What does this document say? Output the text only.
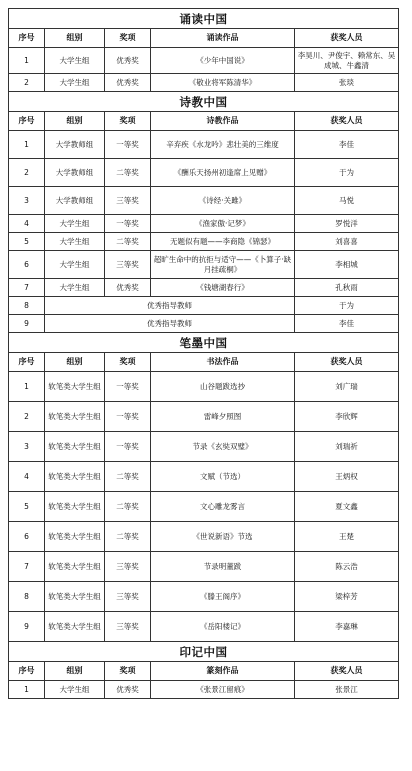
诵读中国				
序号	组别	奖项	诵读作品	获奖人员
1	大学生组	优秀奖	《少年中国说》	李昊川、尹俊宇、赖常东、吴成城、牛鑫清
2	大学生组	优秀奖	《敬业将军陈清华》	张琰
诗教中国				
序号	组别	奖项	诗教作品	获奖人员
1	大学教师组	一等奖	辛弃疾《水龙吟》悲壮美的三维度	李佳
2	大学教师组	二等奖	《酬乐天扬州初逢席上见赠》	于为
3	大学教师组	三等奖	《诗经·关雎》	马悦
4	大学生组	一等奖	《渔家傲·记梦》	罗悦洋
5	大学生组	二等奖	无题似有题——李商隐《锦瑟》	刘喜喜
6	大学生组	三等奖	超旷生命中的抗拒与适守——《卜算子·缺月挂疏桐》	李相城
7	大学生组	优秀奖	《钱塘湖春行》	孔秋雨
8	优秀指导教师			于为
9	优秀指导教师			李佳
笔墨中国				
序号	组别	奖项	书法作品	获奖人员
1	软笔类大学生组	一等奖	山谷题跋选抄	刘广瑞
2	软笔类大学生组	一等奖	雷峰夕照图	李欣辉
3	软笔类大学生组	一等奖	节录《玄奘双璧》	刘瑞祈
4	软笔类大学生组	二等奖	文赋（节选）	王炳权
5	软笔类大学生组	二等奖	文心雕龙雾言	夏文鑫
6	软笔类大学生组	二等奖	《世说新语》节选	王楚
7	软笔类大学生组	三等奖	节录明董跋	陈云浩
8	软笔类大学生组	三等奖	《滕王阁序》	梁梓芳
9	软笔类大学生组	三等奖	《岳阳楼记》	李嘉琳
印记中国				
序号	组别	奖项	篆刻作品	获奖人员
1	大学生组	优秀奖	《张景江留痕》	张景江
